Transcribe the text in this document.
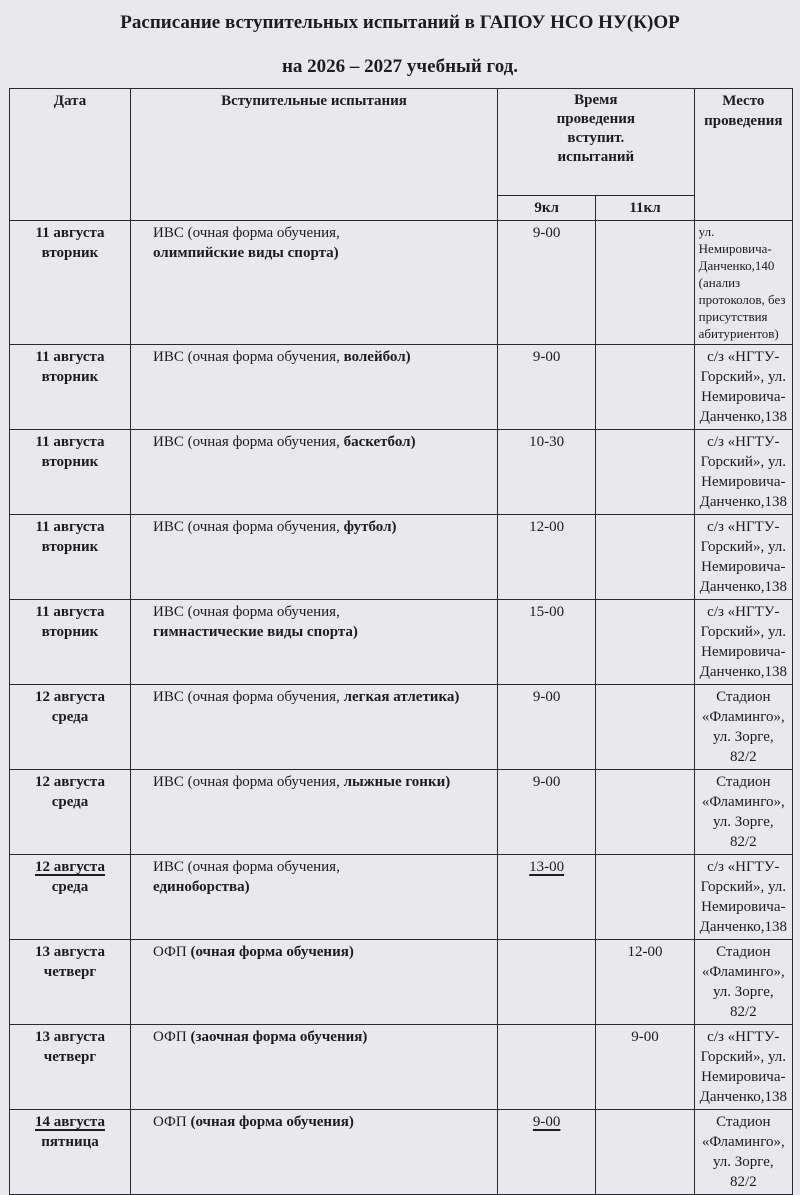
Расписание вступительных испытаний в ГАПОУ НСО НУ(К)ОР
на 2026 – 2027 учебный год.
Дата	Вступительные испытания	Время
проведения
вступит.
испытаний		Место проведения
		9кл	11кл	

11 августа
вторник	ИВС (очная форма обучения,
олимпийские виды спорта)	9-00		ул. Немировича-Данченко,140 (анализ протоколов, без присутствия абитуриентов)

11 августа
вторник	ИВС (очная форма обучения, волейбол)	9-00		с/з «НГТУ-Горский», ул. Немировича-Данченко,138

11 августа
вторник	ИВС (очная форма обучения, баскетбол)	10-30		с/з «НГТУ-Горский», ул. Немировича-Данченко,138

11 августа
вторник	ИВС (очная форма обучения, футбол)	12-00		с/з «НГТУ-Горский», ул. Немировича-Данченко,138

11 августа
вторник	ИВС (очная форма обучения,
гимнастические виды спорта)	15-00		с/з «НГТУ-Горский», ул. Немировича-Данченко,138

12 августа
среда	ИВС (очная форма обучения, легкая атлетика)	9-00		Стадион «Фламинго», ул. Зорге, 82/2

12 августа
среда	ИВС (очная форма обучения, лыжные гонки)	9-00		Стадион «Фламинго», ул. Зорге, 82/2

12 августа
среда	ИВС (очная форма обучения,
единоборства)	13-00		с/з «НГТУ-Горский», ул. Немировича-Данченко,138

13 августа
четверг	ОФП (очная форма обучения)		12-00	Стадион «Фламинго», ул. Зорге, 82/2

13 августа
четверг	ОФП (заочная форма обучения)		9-00	с/з «НГТУ-Горский», ул. Немировича-Данченко,138

14 августа
пятница	ОФП (очная форма обучения)	9-00		Стадион «Фламинго», ул. Зорге, 82/2
